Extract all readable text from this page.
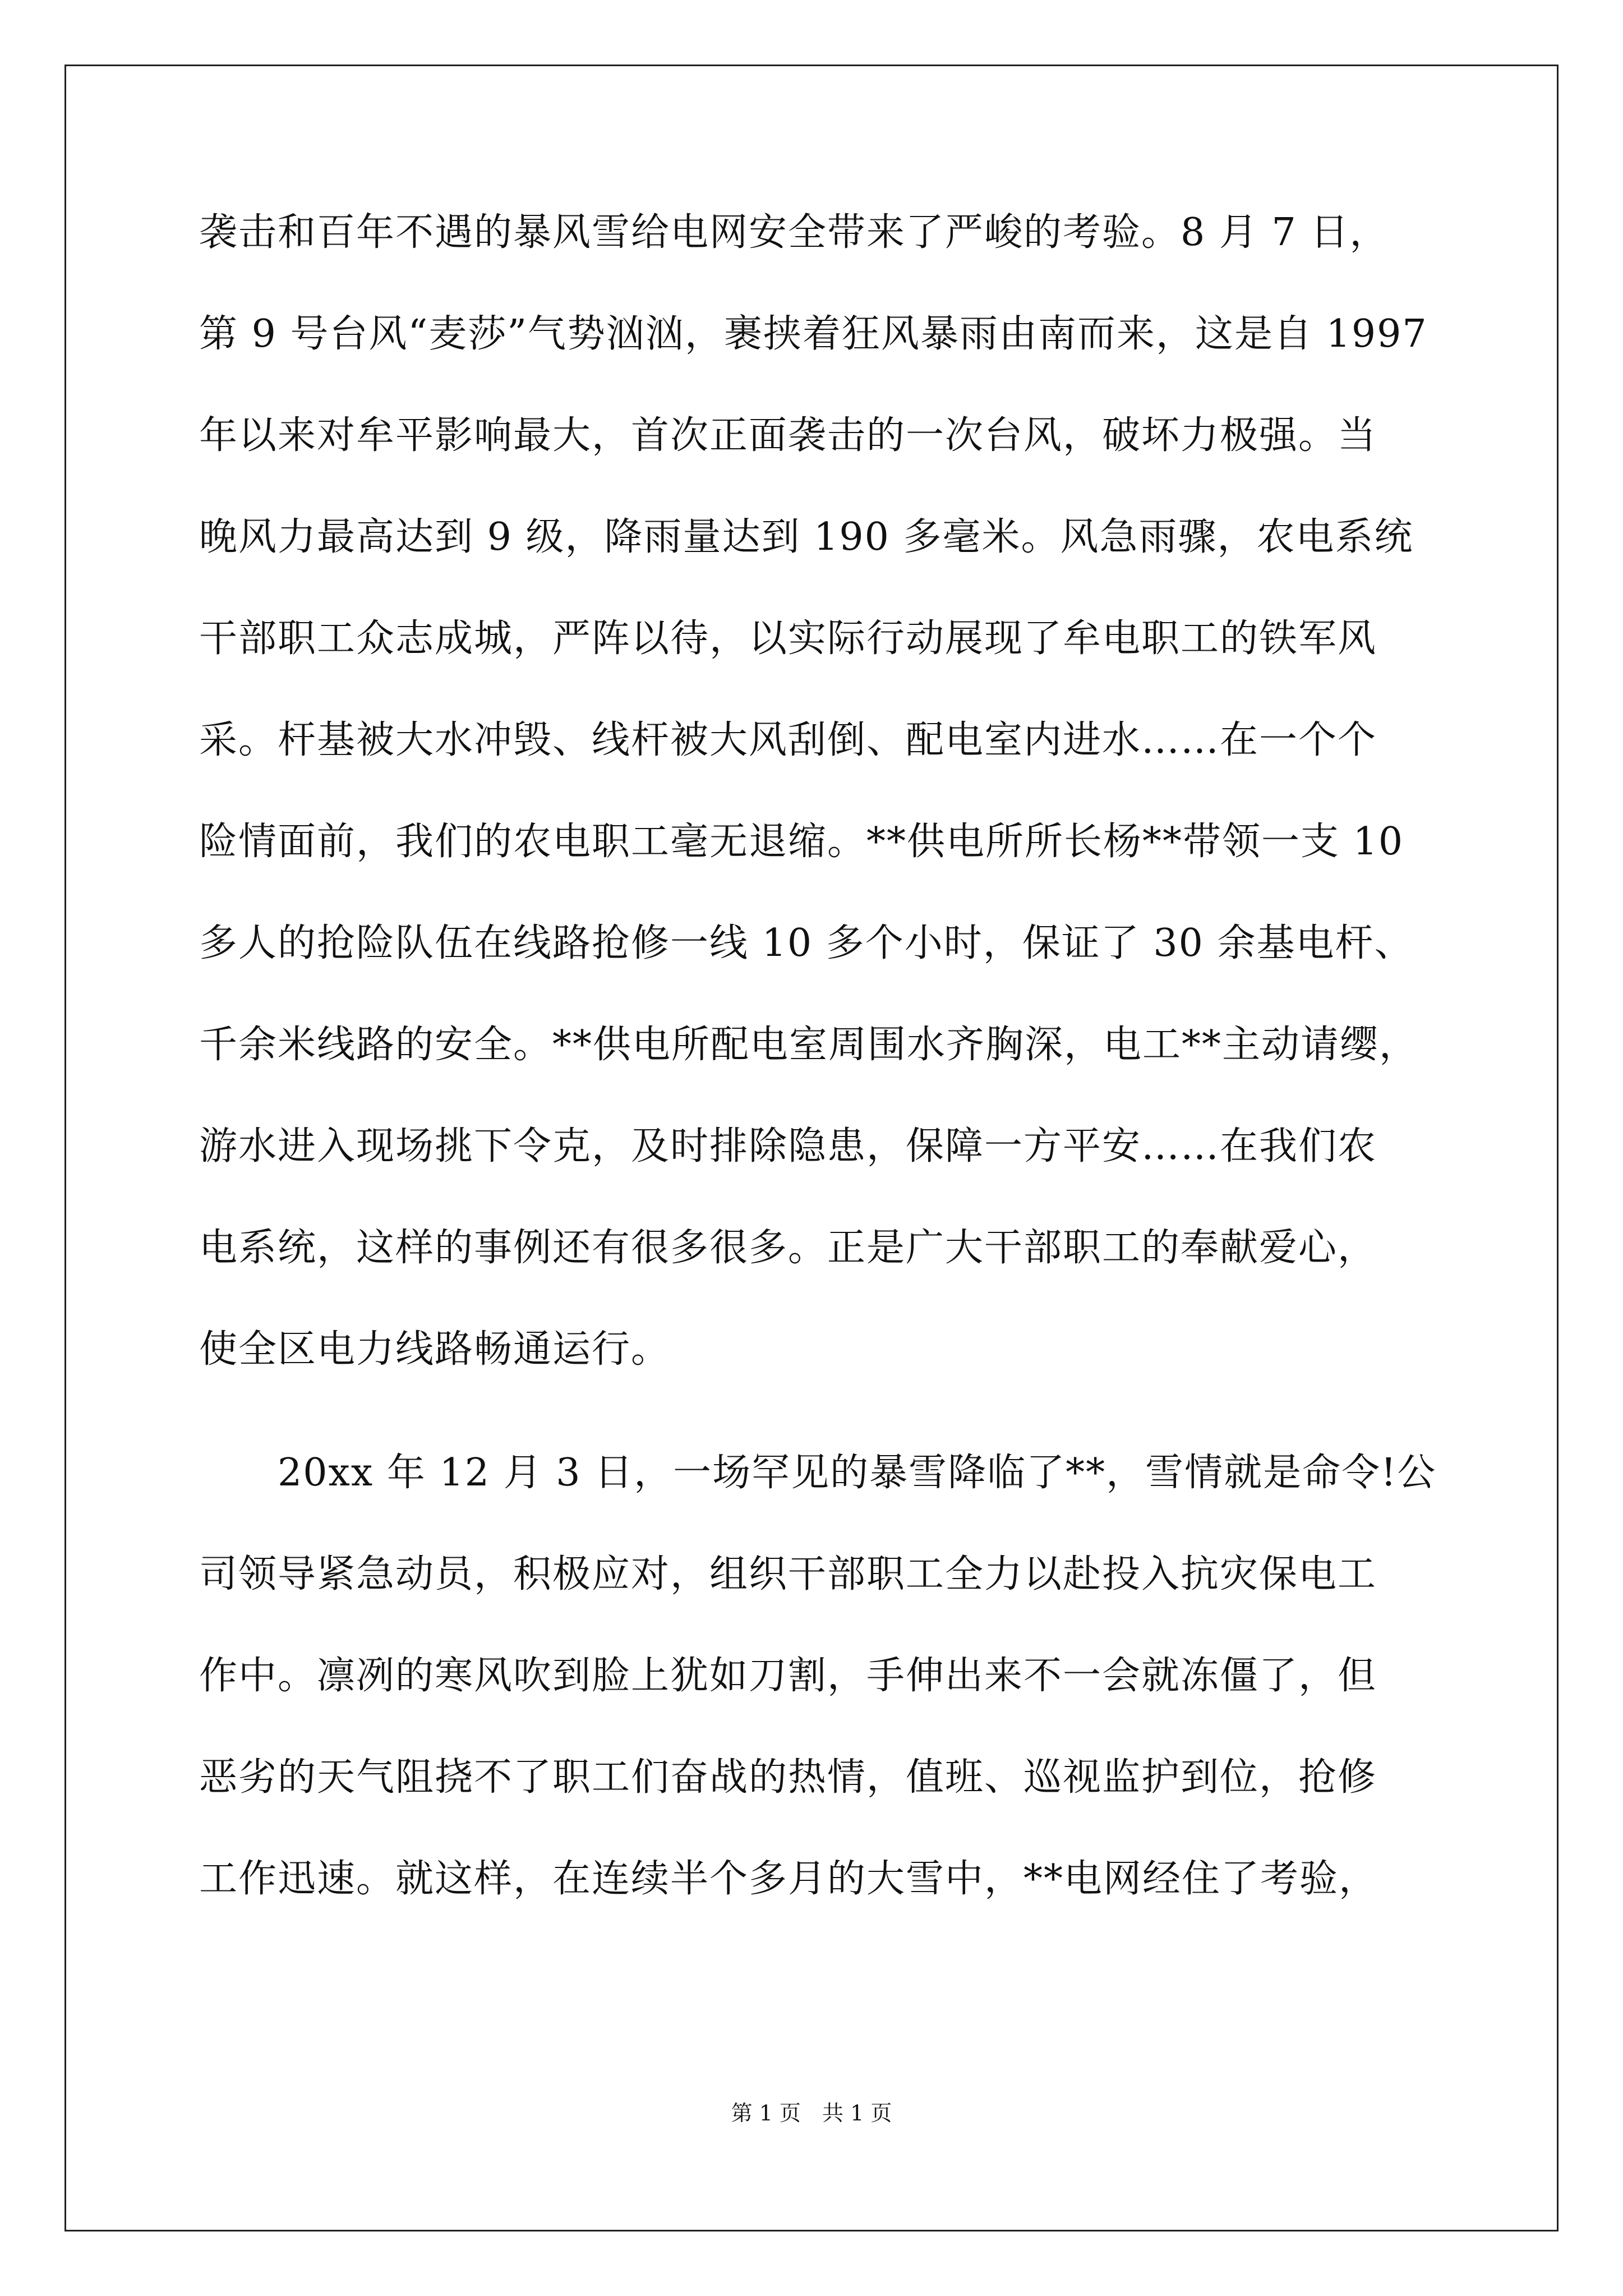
袭击和百年不遇的暴风雪给电网安全带来了严峻的考验。8 月 7 日，
第 9 号台风“麦莎”气势汹汹，裹挟着狂风暴雨由南而来，这是自 1997
年以来对牟平影响最大，首次正面袭击的一次台风，破坏力极强。当
晚风力最高达到 9 级，降雨量达到 190 多毫米。风急雨骤，农电系统
干部职工众志成城，严阵以待，以实际行动展现了牟电职工的铁军风
采。杆基被大水冲毁、线杆被大风刮倒、配电室内进水……在一个个
险情面前，我们的农电职工毫无退缩。**供电所所长杨**带领一支 10
多人的抢险队伍在线路抢修一线 10 多个小时，保证了 30 余基电杆、
千余米线路的安全。**供电所配电室周围水齐胸深，电工**主动请缨，
游水进入现场挑下令克，及时排除隐患，保障一方平安……在我们农
电系统，这样的事例还有很多很多。正是广大干部职工的奉献爱心，
使全区电力线路畅通运行。
　　20xx 年 12 月 3 日，一场罕见的暴雪降临了**，雪情就是命令!公
司领导紧急动员，积极应对，组织干部职工全力以赴投入抗灾保电工
作中。凛冽的寒风吹到脸上犹如刀割，手伸出来不一会就冻僵了，但
恶劣的天气阻挠不了职工们奋战的热情，值班、巡视监护到位，抢修
工作迅速。就这样，在连续半个多月的大雪中，**电网经住了考验，
第 1 页　共 1 页
